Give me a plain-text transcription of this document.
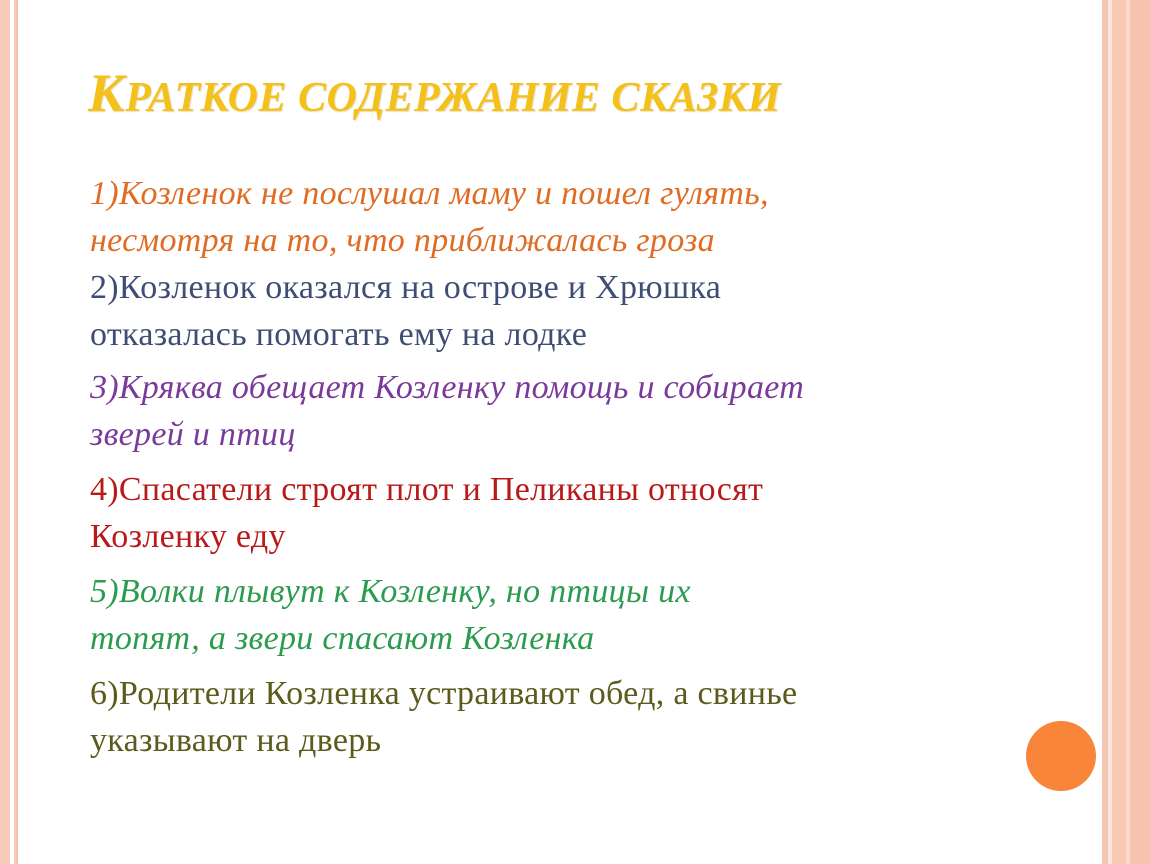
КРАТКОЕ СОДЕРЖАНИЕ СКАЗКИ
1)Козленок не послушал маму и пошел гулять,
несмотря на то, что приближалась гроза
2)Козленок оказался на острове и Хрюшка
отказалась помогать ему на лодке
3)Кряква обещает Козленку помощь и собирает
зверей и птиц
4)Спасатели строят плот и Пеликаны относят
Козленку еду
5)Волки плывут к Козленку, но птицы их
топят, а звери спасают Козленка
6)Родители Козленка устраивают обед, а свинье
указывают на дверь
